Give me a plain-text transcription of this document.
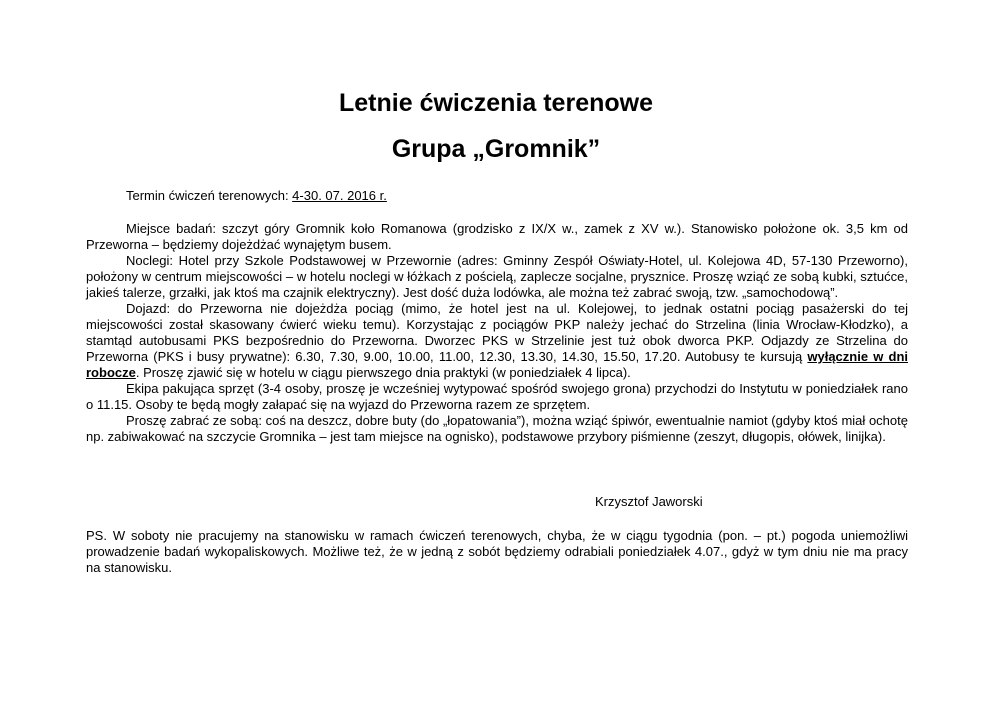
Letnie ćwiczenia terenowe
Grupa „Gromnik”

Termin ćwiczeń terenowych: 4-30. 07. 2016 r.

Miejsce badań: szczyt góry Gromnik koło Romanowa (grodzisko z IX/X w., zamek z XV w.). Stanowisko położone ok. 3,5 km od Przeworna – będziemy dojeżdżać wynajętym busem.

Noclegi: Hotel przy Szkole Podstawowej w Przewornie (adres: Gminny Zespół Oświaty-Hotel, ul. Kolejowa 4D, 57-130 Przeworno), położony w centrum miejscowości – w hotelu noclegi w łóżkach z pościelą, zaplecze socjalne, prysznice. Proszę wziąć ze sobą kubki, sztućce, jakieś talerze, grzałki, jak ktoś ma czajnik elektryczny). Jest dość duża lodówka, ale można też zabrać swoją, tzw. „samochodową”.

Dojazd: do Przeworna nie dojeżdża pociąg (mimo, że hotel jest na ul. Kolejowej, to jednak ostatni pociąg pasażerski do tej miejscowości został skasowany ćwierć wieku temu). Korzystając z pociągów PKP należy jechać do Strzelina (linia Wrocław-Kłodzko), a stamtąd autobusami PKS bezpośrednio do Przeworna. Dworzec PKS w Strzelinie jest tuż obok dworca PKP. Odjazdy ze Strzelina do Przeworna (PKS i busy prywatne): 6.30, 7.30, 9.00, 10.00, 11.00, 12.30, 13.30, 14.30, 15.50, 17.20. Autobusy te kursują wyłącznie w dni robocze. Proszę zjawić się w hotelu w ciągu pierwszego dnia praktyki (w poniedziałek 4 lipca).

Ekipa pakująca sprzęt (3-4 osoby, proszę je wcześniej wytypować spośród swojego grona) przychodzi do Instytutu w poniedziałek rano o 11.15. Osoby te będą mogły załapać się na wyjazd do Przeworna razem ze sprzętem.

Proszę zabrać ze sobą: coś na deszcz, dobre buty (do „łopatowania”), można wziąć śpiwór, ewentualnie namiot (gdyby ktoś miał ochotę np. zabiwakować na szczycie Gromnika – jest tam miejsce na ognisko), podstawowe przybory piśmienne (zeszyt, długopis, ołówek, linijka).

Krzysztof Jaworski

PS. W soboty nie pracujemy na stanowisku w ramach ćwiczeń terenowych, chyba, że w ciągu tygodnia (pon. – pt.) pogoda uniemożliwi prowadzenie badań wykopaliskowych. Możliwe też, że w jedną z sobót będziemy odrabiali poniedziałek 4.07., gdyż w tym dniu nie ma pracy na stanowisku.
